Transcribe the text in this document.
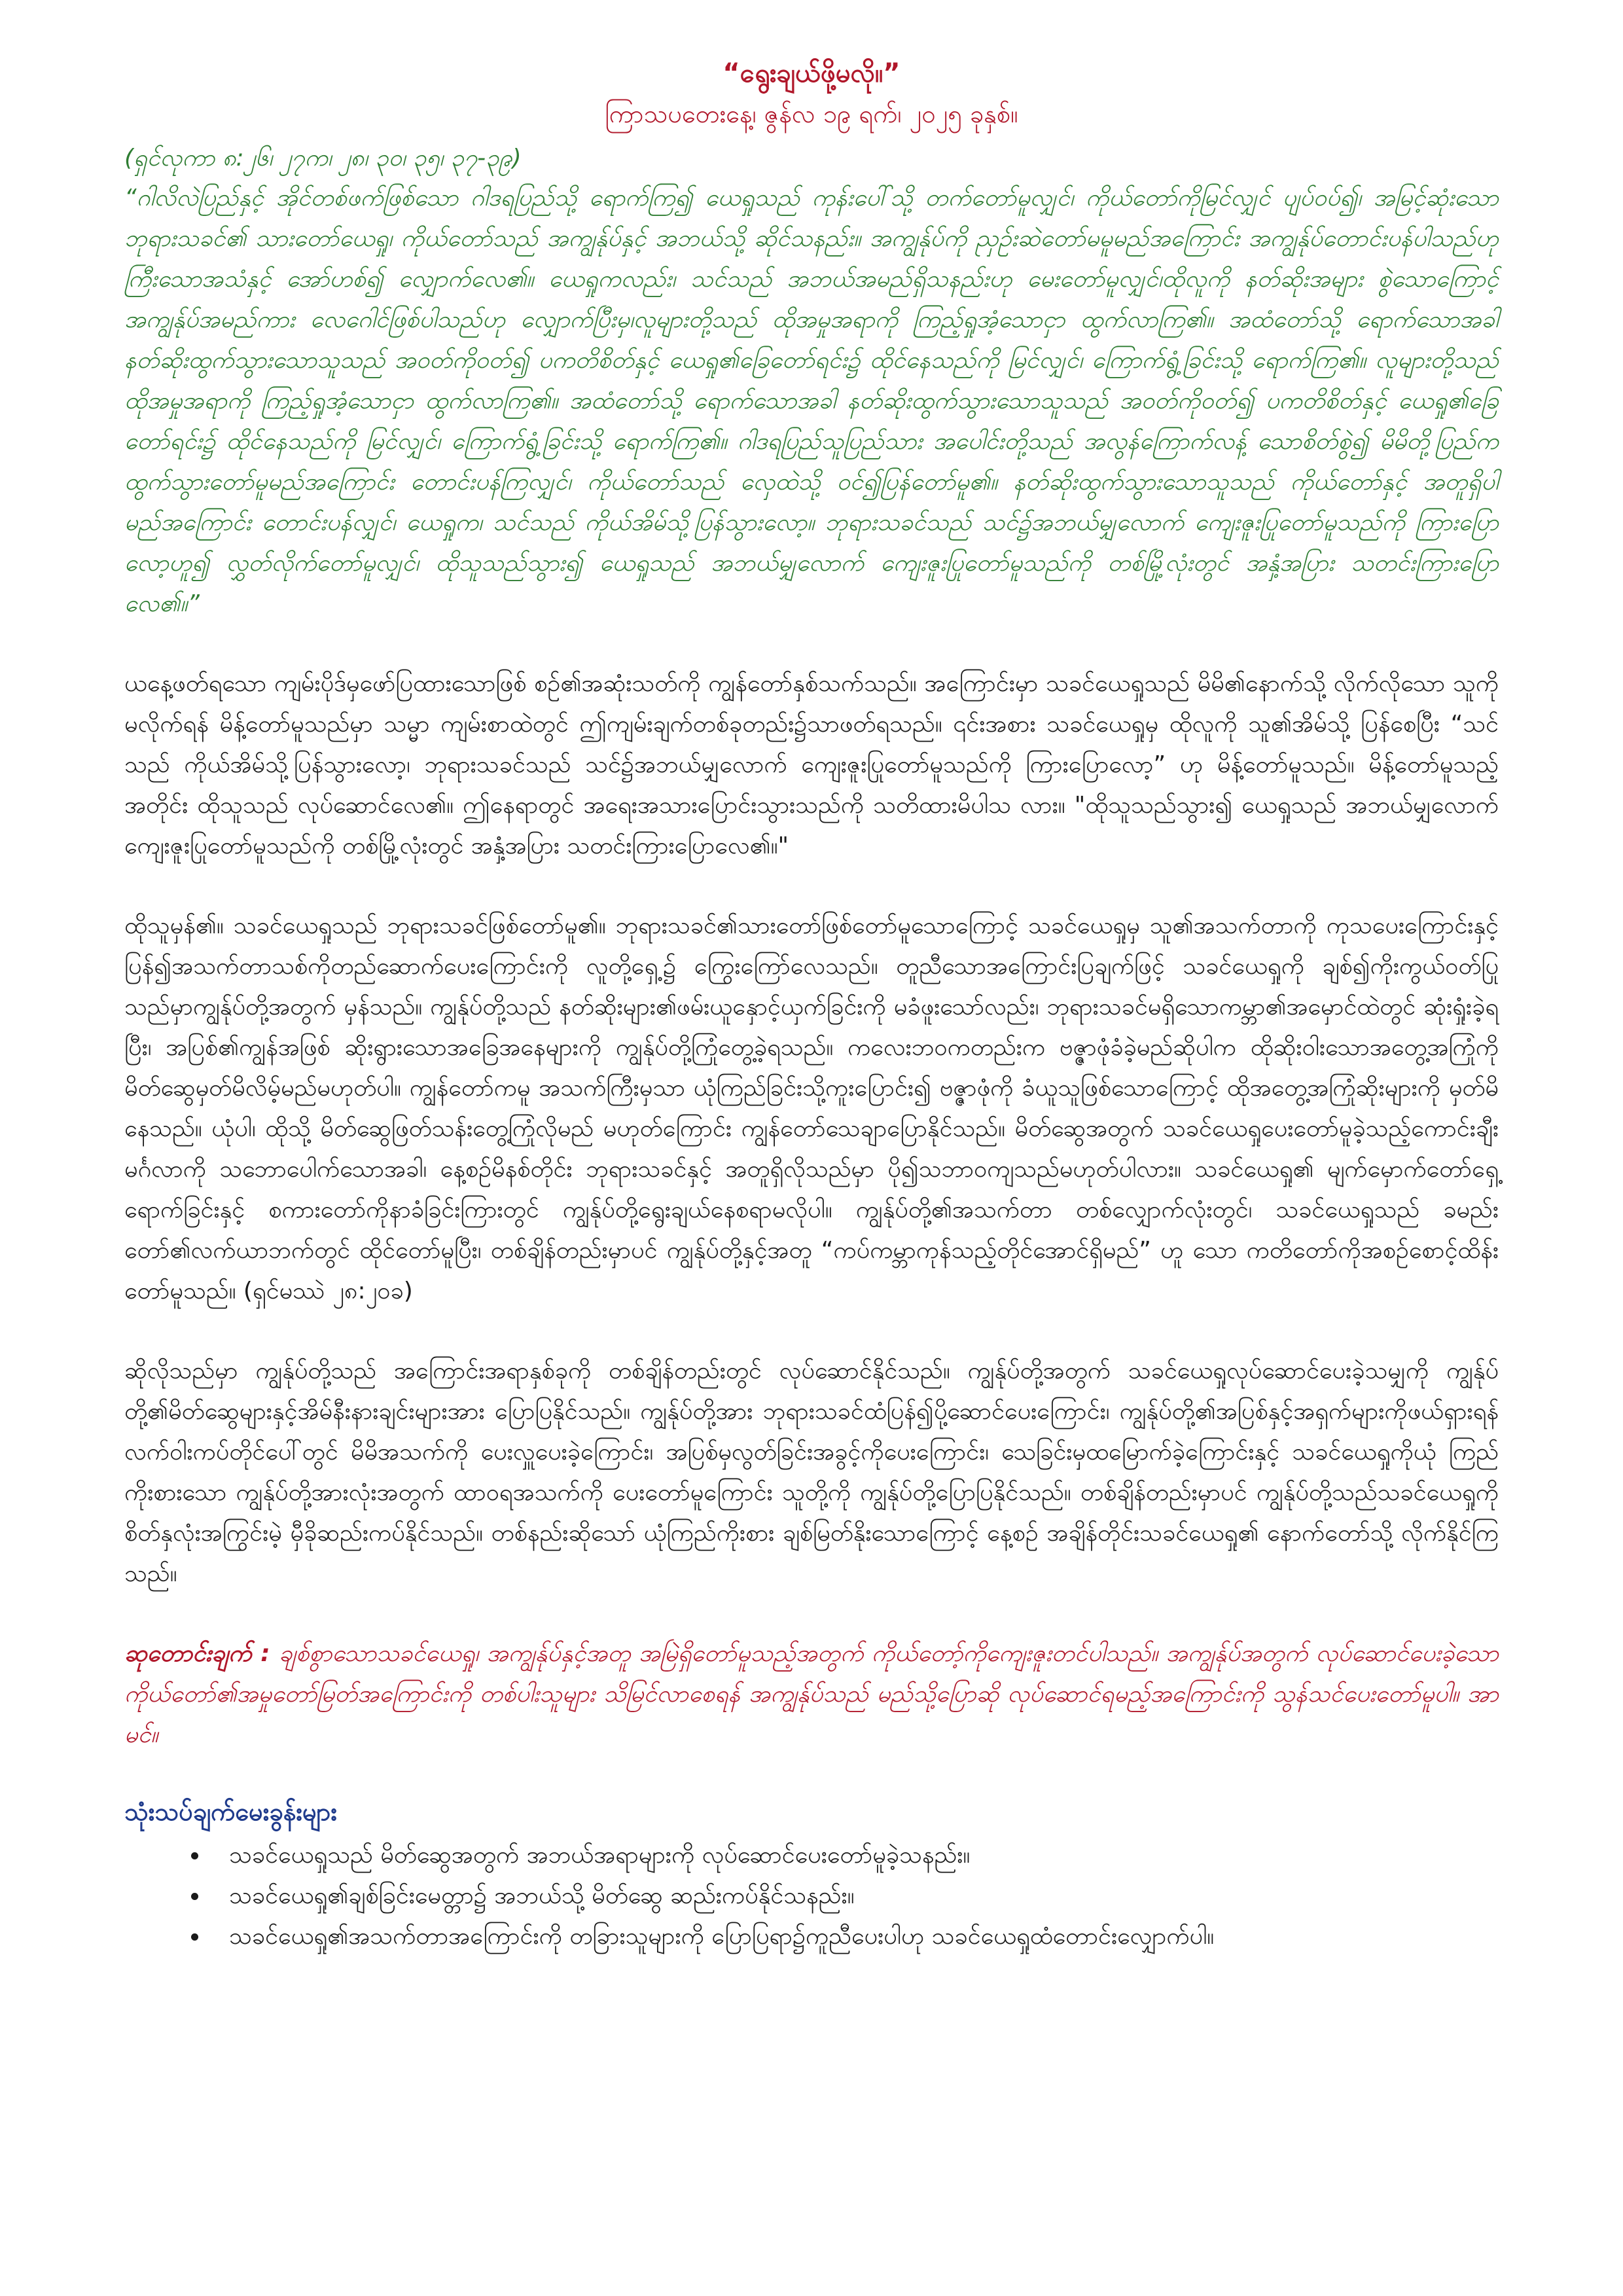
“ရွေးချယ်ဖို့မလို။”

ကြာသပတေးနေ့၊ ဇွန်လ ၁၉ ရက်၊ ၂၀၂၅ ခုနှစ်။

(ရှင်လုကာ ၈:၂၆၊ ၂၇က၊ ၂၈၊ ၃၀၊ ၃၅၊ ၃၇-၃၉)

“ဂါလိလဲပြည်နှင့် အိုင်တစ်ဖက်ဖြစ်သော ဂါဒရပြည်သို့ ရောက်ကြ၍ ယေရှုသည် ကုန်းပေါ်သို့ တက်တော်မူလျှင်၊ ကိုယ်တော်ကိုမြင်လျှင် ပျပ်ဝပ်၍၊ အမြင့်ဆုံးသောဘုရားသခင်၏ သားတော်ယေရှု၊ ကိုယ်တော်သည် အကျွန်ုပ်နှင့် အဘယ်သို့ ဆိုင်သနည်း။ အကျွန်ုပ်ကို ညှဉ်းဆဲတော်မမူမည်အကြောင်း အကျွန်ုပ်တောင်းပန်ပါသည်ဟု ကြီးသောအသံနှင့် အော်ဟစ်၍ လျှောက်လေ၏။ ယေရှုကလည်း၊ သင်သည် အဘယ်အမည်ရှိသနည်းဟု မေးတော်မူလျှင်၊ထိုလူကို နတ်ဆိုးအများ စွဲသောကြောင့် အကျွန်ုပ်အမည်ကား လေဂေါင်ဖြစ်ပါသည်ဟု လျှောက်ပြီးမှ၊လူများတို့သည် ထိုအမှုအရာကို ကြည့်ရှုအံ့သောငှာ ထွက်လာကြ၏။ အထံတော်သို့ ရောက်သောအခါ နတ်ဆိုးထွက်သွားသောသူသည် အဝတ်ကိုဝတ်၍ ပကတိစိတ်နှင့် ယေရှု၏ခြေတော်ရင်း၌ ထိုင်နေသည်ကို မြင်လျှင်၊ ကြောက်ရွံ့ခြင်းသို့ ရောက်ကြ၏။ လူများတို့သည် ထိုအမှုအရာကို ကြည့်ရှုအံ့သောငှာ ထွက်လာကြ၏။ အထံတော်သို့ ရောက်သောအခါ နတ်ဆိုးထွက်သွားသောသူသည် အဝတ်ကိုဝတ်၍ ပကတိစိတ်နှင့် ယေရှု၏ခြေတော်ရင်း၌ ထိုင်နေသည်ကို မြင်လျှင်၊ ကြောက်ရွံ့ခြင်းသို့ ရောက်ကြ၏။ ဂါဒရပြည်သူပြည်သား အပေါင်းတို့သည် အလွန်ကြောက်လန့် သောစိတ်စွဲ၍ မိမိတို့ပြည်က ထွက်သွားတော်မူမည်အကြောင်း တောင်းပန်ကြလျှင်၊ ကိုယ်တော်သည် လှေထဲသို့ ဝင်၍ပြန်တော်မူ၏။ နတ်ဆိုးထွက်သွားသောသူသည် ကိုယ်တော်နှင့် အတူရှိပါမည်အကြောင်း တောင်းပန်လျှင်၊ ယေရှုက၊ သင်သည် ကိုယ်အိမ်သို့ပြန်သွားလော့။ ဘုရားသခင်သည် သင်၌အဘယ်မျှလောက် ကျေးဇူးပြုတော်မူသည်ကို ကြားပြောလော့ဟူ၍ လွှတ်လိုက်တော်မူလျှင်၊ ထိုသူသည်သွား၍ ယေရှုသည် အဘယ်မျှလောက် ကျေးဇူးပြုတော်မူသည်ကို တစ်မြို့လုံးတွင် အနှံ့အပြား သတင်းကြားပြောလေ၏။”

ယနေ့ဖတ်ရသော ကျမ်းပိုဒ်မှဖော်ပြထားသောဖြစ် စဉ်၏အဆုံးသတ်ကို ကျွန်တော်နှစ်သက်သည်။ အကြောင်းမှာ သခင်ယေရှုသည် မိမိ၏နောက်သို့ လိုက်လိုသော သူကို မလိုက်ရန် မိန့်တော်မူသည်မှာ သမ္မာ ကျမ်းစာထဲတွင် ဤကျမ်းချက်တစ်ခုတည်း၌သာဖတ်ရသည်။ ၎င်းအစား သခင်ယေရှုမှ ထိုလူကို သူ၏အိမ်သို့ ပြန်စေပြီး “သင်သည် ကိုယ်အိမ်သို့ပြန်သွားလော့၊ ဘုရားသခင်သည် သင်၌အဘယ်မျှလောက် ကျေးဇူးပြုတော်မူသည်ကို ကြားပြောလော့” ဟု မိန့်တော်မူသည်။ မိန့်တော်မူသည့်အတိုင်း ထိုသူသည် လုပ်ဆောင်လေ၏။ ဤနေရာတွင် အရေးအသားပြောင်းသွားသည်ကို သတိထားမိပါသ လား။ "ထိုသူသည်သွား၍ ယေရှုသည် အဘယ်မျှလောက် ကျေးဇူးပြုတော်မူသည်ကို တစ်မြို့လုံးတွင် အနှံ့အပြား သတင်းကြားပြောလေ၏။"

ထိုသူမှန်၏။ သခင်ယေရှုသည် ဘုရားသခင်ဖြစ်တော်မူ၏။ ဘုရားသခင်၏သားတော်ဖြစ်တော်မူသောကြောင့် သခင်ယေရှုမှ သူ၏အသက်တာကို ကုသပေးကြောင်းနှင့် ပြန်၍အသက်တာသစ်ကိုတည်ဆောက်ပေးကြောင်းကို လူတို့ရှေ့၌ ကြွေးကြော်လေသည်။ တူညီသောအကြောင်းပြချက်ဖြင့် သခင်ယေရှုကို ချစ်၍ကိုးကွယ်ဝတ်ပြုသည်မှာကျွန်ုပ်တို့အတွက် မှန်သည်။ ကျွန်ုပ်တို့သည် နတ်ဆိုးများ၏ဖမ်းယူနှောင့်ယှက်ခြင်းကို မခံဖူးသော်လည်း၊ ဘုရားသခင်မရှိသောကမ္ဘာ၏အမှောင်ထဲတွင် ဆုံးရှုံးခဲ့ရပြီး၊ အပြစ်၏ကျွန်အဖြစ် ဆိုးရွားသောအခြေအနေများကို ကျွန်ုပ်တို့ကြုံတွေ့ခဲ့ရသည်။ ကလေးဘဝကတည်းက ဗဇ္ဇာဖုံခံခဲ့မည်ဆိုပါက ထိုဆိုးဝါးသောအတွေ့အကြုံကို မိတ်ဆွေမှတ်မိလိမ့်မည်မဟုတ်ပါ။ ကျွန်တော်ကမူ အသက်ကြီးမှသာ ယုံကြည်ခြင်းသို့ကူးပြောင်း၍ ဗဇ္ဇာဖုံကို ခံယူသူဖြစ်သောကြောင့် ထိုအတွေ့အကြုံဆိုးများကို မှတ်မိနေသည်။ ယုံပါ၊ ထိုသို့ မိတ်ဆွေဖြတ်သန်းတွေ့ကြုံလိုမည် မဟုတ်ကြောင်း ကျွန်တော်သေချာပြောနိုင်သည်။ မိတ်ဆွေအတွက် သခင်ယေရှုပေးတော်မူခဲ့သည့်ကောင်းချီးမင်္ဂလာကို သဘောပေါက်သောအခါ၊ နေ့စဉ်မိနစ်တိုင်း ဘုရားသခင်နှင့် အတူရှိလိုသည်မှာ ပို၍သဘာဝကျသည်မဟုတ်ပါလား။ သခင်ယေရှု၏ မျက်မှောက်တော်ရှေ့ရောက်ခြင်းနှင့် စကားတော်ကိုနာခံခြင်းကြားတွင် ကျွန်ုပ်တို့ရွေးချယ်နေစရာမလိုပါ။ ကျွန်ုပ်တို့၏အသက်တာ တစ်လျှောက်လုံးတွင်၊ သခင်ယေရှုသည် ခမည်းတော်၏လက်ယာဘက်တွင် ထိုင်တော်မူပြီး၊ တစ်ချိန်တည်းမှာပင် ကျွန်ုပ်တို့နှင့်အတူ “ကပ်ကမ္ဘာကုန်သည့်တိုင်အောင်ရှိမည်” ဟူ သော ကတိတော်ကိုအစဉ်စောင့်ထိန်းတော်မူသည်။ (ရှင်မဿဲ ၂၈:၂၀ခ)

ဆိုလိုသည်မှာ ကျွန်ုပ်တို့သည် အကြောင်းအရာနှစ်ခုကို တစ်ချိန်တည်းတွင် လုပ်ဆောင်နိုင်သည်။ ကျွန်ုပ်တို့အတွက် သခင်ယေရှုလုပ်ဆောင်ပေးခဲ့သမျှကို ကျွန်ုပ်တို့၏မိတ်ဆွေများနှင့်အိမ်နီးနားချင်းများအား ပြောပြနိုင်သည်။ ကျွန်ုပ်တို့အား ဘုရားသခင်ထံပြန်၍ပို့ဆောင်ပေးကြောင်း၊ ကျွန်ုပ်တို့၏အပြစ်နှင့်အရှက်များကိုဖယ်ရှားရန် လက်ဝါးကပ်တိုင်ပေါ်တွင် မိမိအသက်ကို ပေးလှူပေးခဲ့ကြောင်း၊ အပြစ်မှလွတ်ခြင်းအခွင့်ကိုပေးကြောင်း၊ သေခြင်းမှထမြောက်ခဲ့ကြောင်းနှင့် သခင်ယေရှုကိုယုံ ကြည်ကိုးစားသော ကျွန်ုပ်တို့အားလုံးအတွက် ထာဝရအသက်ကို ပေးတော်မူကြောင်း သူတို့ကို ကျွန်ုပ်တို့ပြောပြနိုင်သည်။ တစ်ချိန်တည်းမှာပင် ကျွန်ုပ်တို့သည်သခင်ယေရှုကို စိတ်နှလုံးအကြွင်းမဲ့ မှီခိုဆည်းကပ်နိုင်သည်။ တစ်နည်းဆိုသော် ယုံကြည်ကိုးစား ချစ်မြတ်နိုးသောကြောင့် နေ့စဉ် အချိန်တိုင်းသခင်ယေရှု၏ နောက်တော်သို့ လိုက်နိုင်ကြသည်။

ဆုတောင်းချက် : ချစ်စွာသောသခင်ယေရှု၊ အကျွန်ုပ်နှင့်အတူ အမြဲရှိတော်မူသည့်အတွက် ကိုယ်တော့်ကိုကျေးဇူးတင်ပါသည်။ အကျွန်ုပ်အတွက် လုပ်ဆောင်ပေးခဲ့သော ကိုယ်တော်၏အမှုတော်မြတ်အကြောင်းကို တစ်ပါးသူများ သိမြင်လာစေရန် အကျွန်ုပ်သည် မည်သို့ပြောဆို လုပ်ဆောင်ရမည့်အကြောင်းကို သွန်သင်ပေးတော်မူပါ။ အာမင်။

သုံးသပ်ချက်မေးခွန်းများ
• သခင်ယေရှုသည် မိတ်ဆွေအတွက် အဘယ်အရာများကို လုပ်ဆောင်ပေးတော်မူခဲ့သနည်း။
• သခင်ယေရှု၏ချစ်ခြင်းမေတ္တာ၌ အဘယ်သို့ မိတ်ဆွေ ဆည်းကပ်နိုင်သနည်း။
• သခင်ယေရှု၏အသက်တာအကြောင်းကို တခြားသူများကို ပြောပြရာ၌ကူညီပေးပါဟု သခင်ယေရှုထံတောင်းလျှောက်ပါ။
